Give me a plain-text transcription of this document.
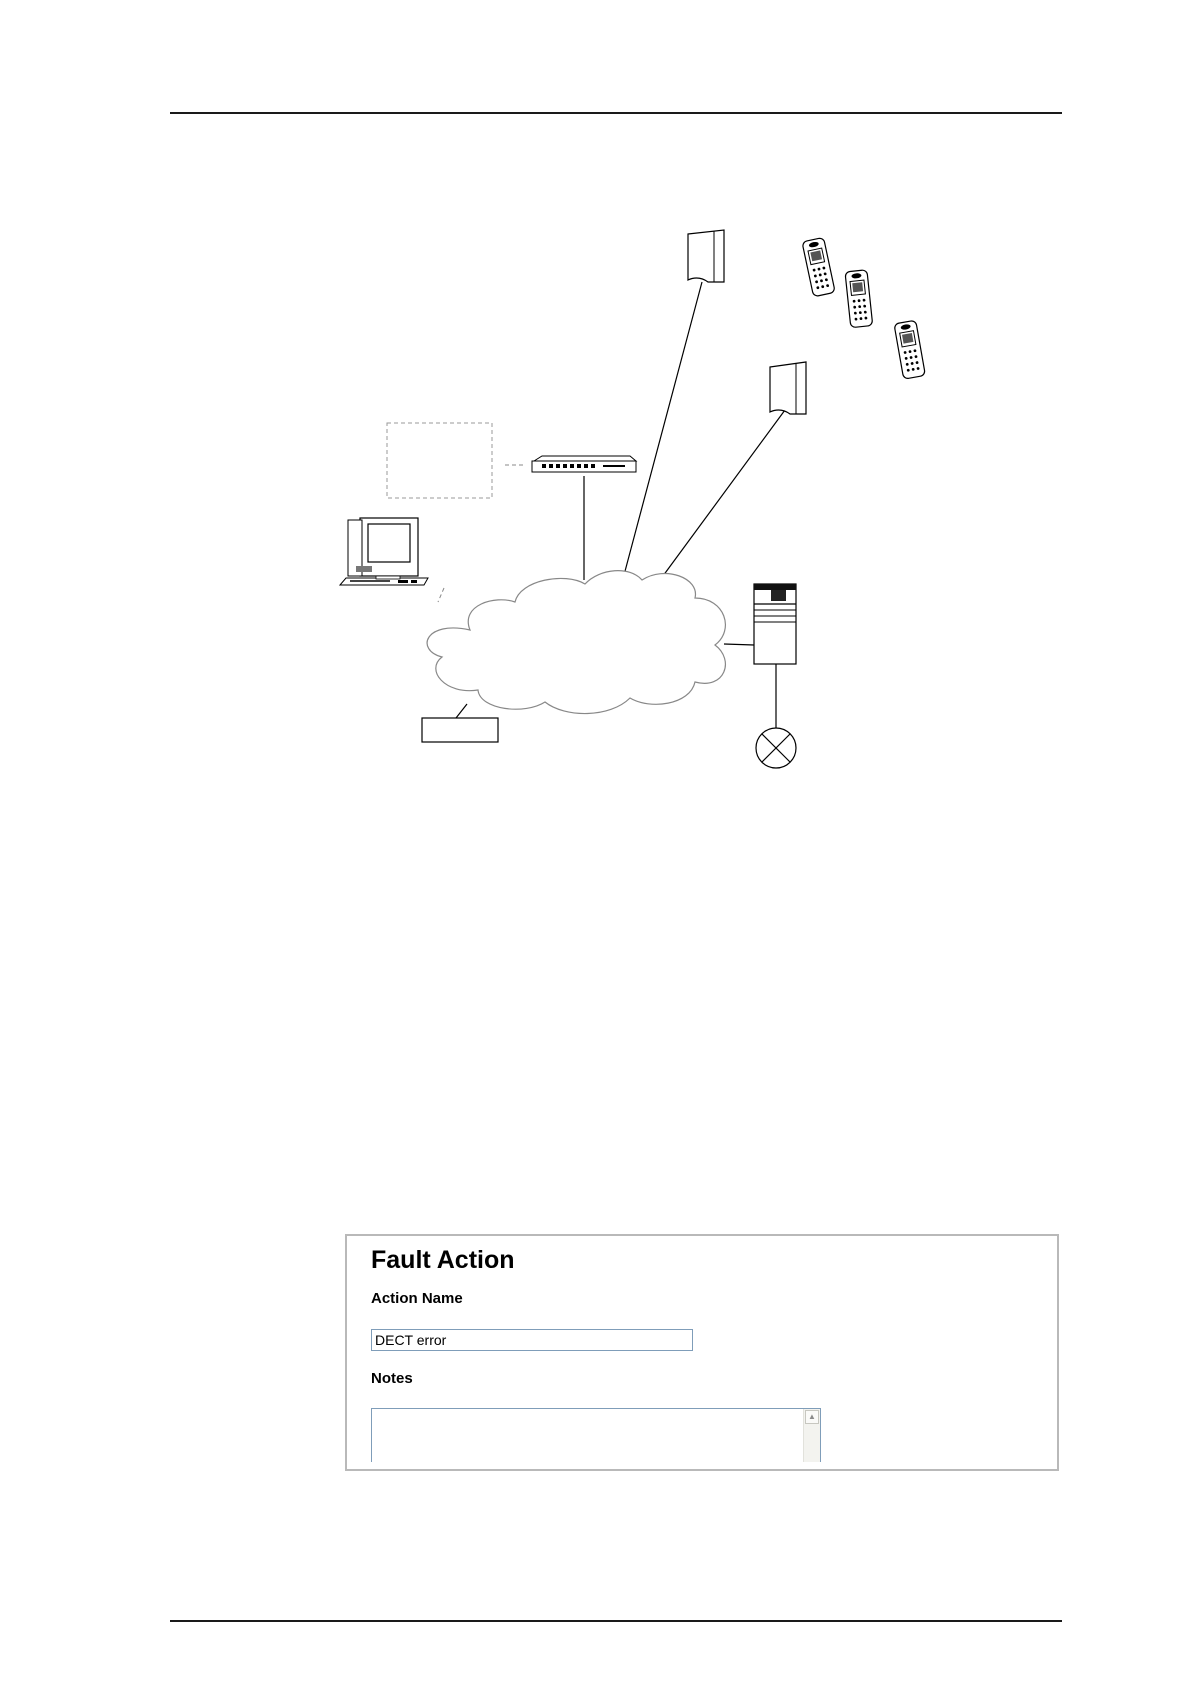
Fault Action
Action Name
DECT error
Notes
▲
